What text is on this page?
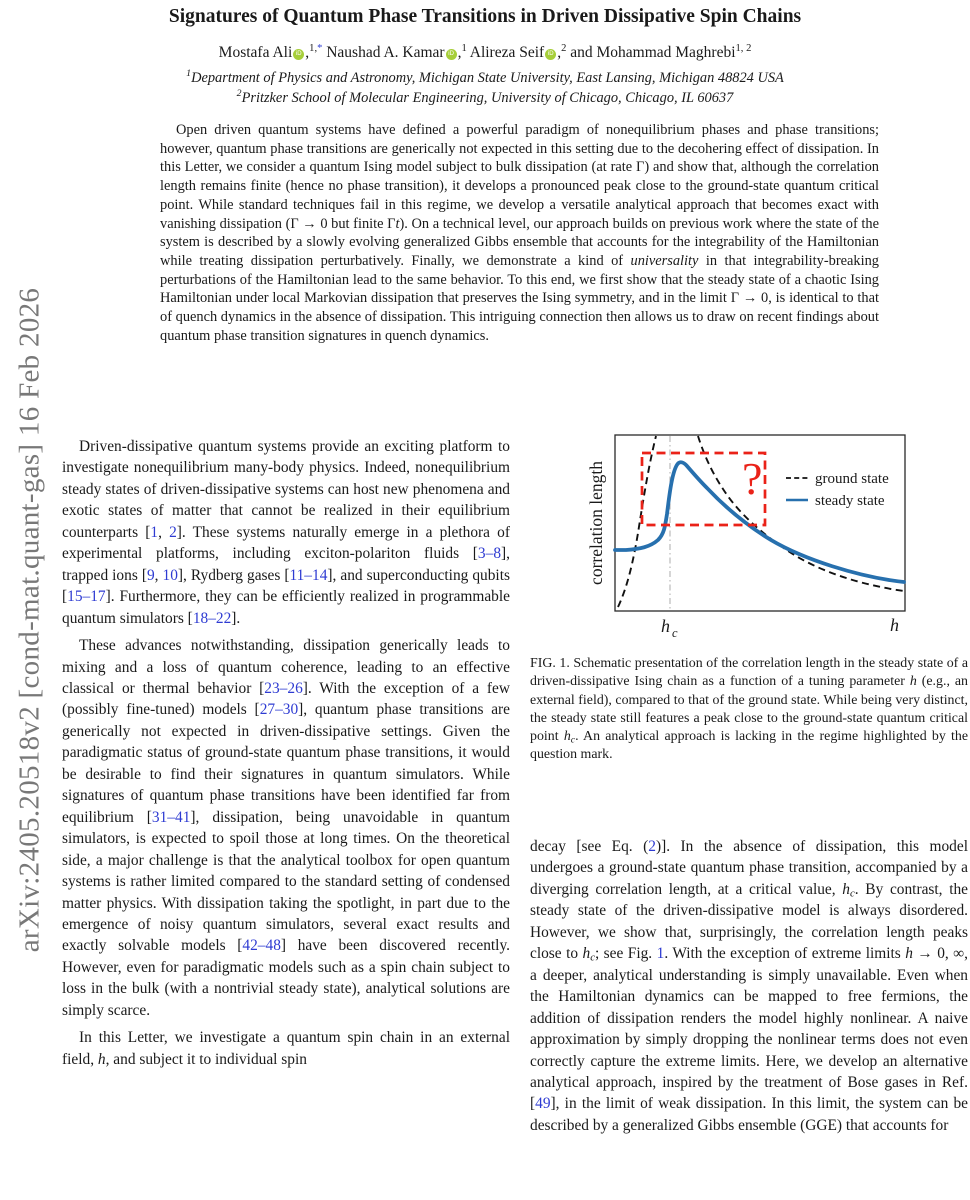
arXiv:2405.20518v2 [cond-mat.quant-gas] 16 Feb 2026
Signatures of Quantum Phase Transitions in Driven Dissipative Spin Chains
Mostafa Ali iD ,$^{1,*}$ Naushad A. Kamar iD ,$^1$ Alireza Seif iD ,$^2$ and Mohammad Maghrebi$^{1, 2}$
$^1$Department of Physics and Astronomy, Michigan State University, East Lansing, Michigan 48824 USA
$^2$Pritzker School of Molecular Engineering, University of Chicago, Chicago, IL 60637
Open driven quantum systems have defined a powerful paradigm of nonequilibrium phases and phase transitions; however, quantum phase transitions are generically not expected in this setting due to the decohering effect of dissipation. In this Letter, we consider a quantum Ising model subject to bulk dissipation (at rate Γ) and show that, although the correlation length remains finite (hence no phase transition), it develops a pronounced peak close to the ground-state quantum critical point. While standard techniques fail in this regime, we develop a versatile analytical approach that becomes exact with vanishing dissipation (Γ → 0 but finite Γt). On a technical level, our approach builds on previous work where the state of the system is described by a slowly evolving generalized Gibbs ensemble that accounts for the integrability of the Hamiltonian while treating dissipation perturbatively. Finally, we demonstrate a kind of universality in that integrability-breaking perturbations of the Hamiltonian lead to the same behavior. To this end, we first show that the steady state of a chaotic Ising Hamiltonian under local Markovian dissipation that preserves the Ising symmetry, and in the limit Γ → 0, is identical to that of quench dynamics in the absence of dissipation. This intriguing connection then allows us to draw on recent findings about quantum phase transition signatures in quench dynamics.

Driven-dissipative quantum systems provide an exciting platform to investigate nonequilibrium many-body physics. Indeed, nonequilibrium steady states of driven-dissipative systems can host new phenomena and exotic states of matter that cannot be realized in their equilibrium counterparts [1, 2]. These systems naturally emerge in a plethora of experimental platforms, including exciton-polariton fluids [3–8], trapped ions [9, 10], Rydberg gases [11–14], and superconducting qubits [15–17]. Furthermore, they can be efficiently realized in programmable quantum simulators [18–22].

These advances notwithstanding, dissipation generically leads to mixing and a loss of quantum coherence, leading to an effective classical or thermal behavior [23–26]. With the exception of a few (possibly fine-tuned) models [27–30], quantum phase transitions are generically not expected in driven-dissipative settings. Given the paradigmatic status of ground-state quantum phase transitions, it would be desirable to find their signatures in quantum simulators. While signatures of quantum phase transitions have been identified far from equilibrium [31–41], dissipation, being unavoidable in quantum simulators, is expected to spoil those at long times. On the theoretical side, a major challenge is that the analytical toolbox for open quantum systems is rather limited compared to the standard setting of condensed matter physics. With dissipation taking the spotlight, in part due to the emergence of noisy quantum simulators, several exact results and exactly solvable models [42–48] have been discovered recently. However, even for paradigmatic models such as a spin chain subject to loss in the bulk (with a nontrivial steady state), analytical solutions are simply scarce.

In this Letter, we investigate a quantum spin chain in an external field, h, and subject it to individual spin

?	ground state
steady state
correlation length
h c	h
FIG. 1. Schematic presentation of the correlation length in the steady state of a driven-dissipative Ising chain as a function of a tuning parameter h (e.g., an external field), compared to that of the ground state. While being very distinct, the steady state still features a peak close to the ground-state quantum critical point hc. An analytical approach is lacking in the regime highlighted by the question mark.

decay [see Eq. (2)]. In the absence of dissipation, this model undergoes a ground-state quantum phase transition, accompanied by a diverging correlation length, at a critical value, hc. By contrast, the steady state of the driven-dissipative model is always disordered. However, we show that, surprisingly, the correlation length peaks close to hc; see Fig. 1. With the exception of extreme limits h → 0, ∞, a deeper, analytical understanding is simply unavailable. Even when the Hamiltonian dynamics can be mapped to free fermions, the addition of dissipation renders the model highly nonlinear. A naive approximation by simply dropping the nonlinear terms does not even correctly capture the extreme limits. Here, we develop an alternative analytical approach, inspired by the treatment of Bose gases in Ref. [49], in the limit of weak dissipation. In this limit, the system can be described by a generalized Gibbs ensemble (GGE) that accounts for
